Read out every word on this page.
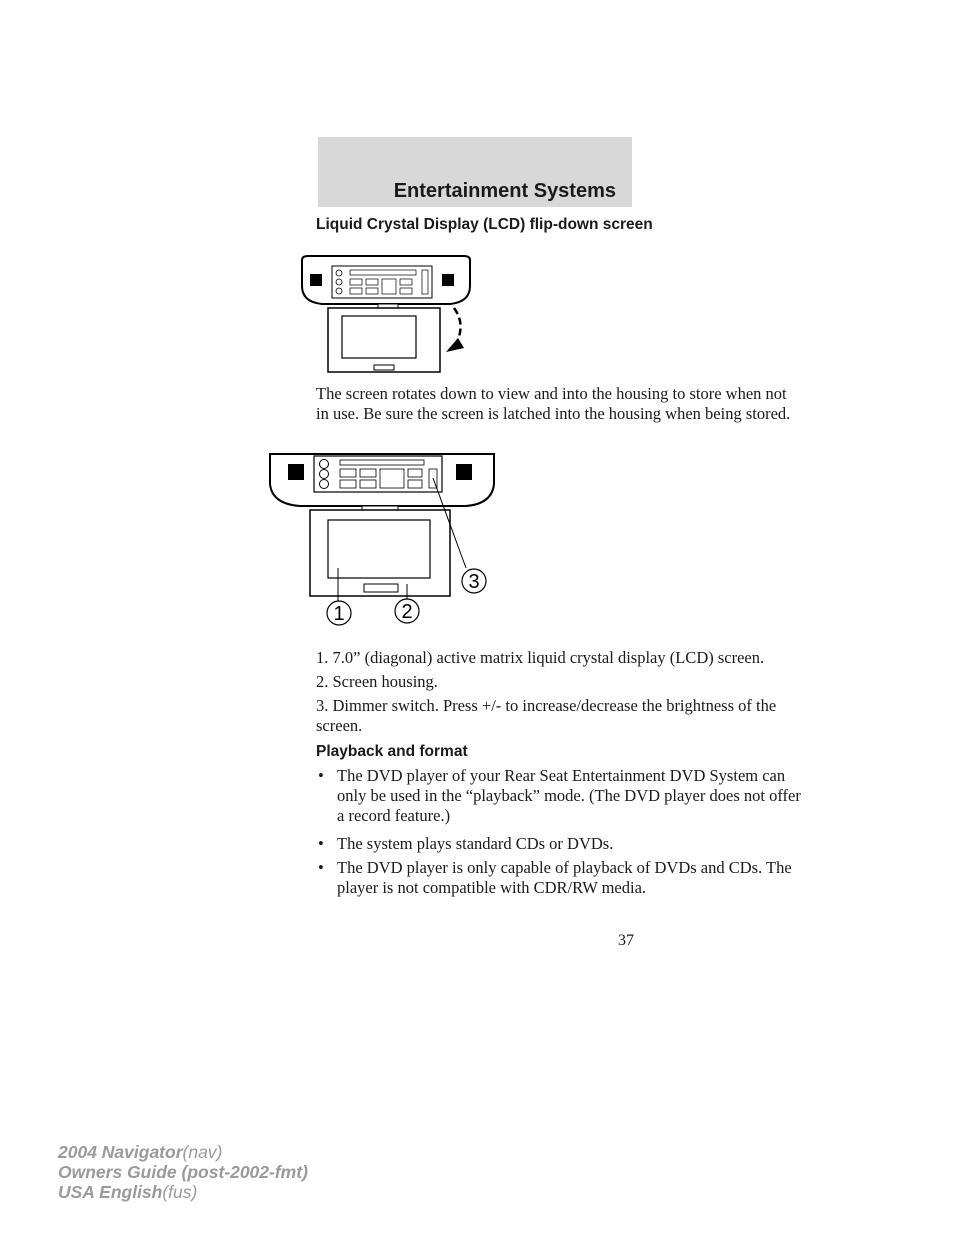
Entertainment Systems
Liquid Crystal Display (LCD) flip-down screen
The screen rotates down to view and into the housing to store when not
in use. Be sure the screen is latched into the housing when being stored.
1	2
3
1. 7.0” (diagonal) active matrix liquid crystal display (LCD) screen.
2. Screen housing.
3. Dimmer switch. Press +/- to increase/decrease the brightness of the
screen.
Playback and format
• The DVD player of your Rear Seat Entertainment DVD System can
only be used in the “playback” mode. (The DVD player does not offer
a record feature.)
• The system plays standard CDs or DVDs.
• The DVD player is only capable of playback of DVDs and CDs. The
player is not compatible with CDR/RW media.
37
2004 Navigator(nav)
Owners Guide (post-2002-fmt)
USA English(fus)
